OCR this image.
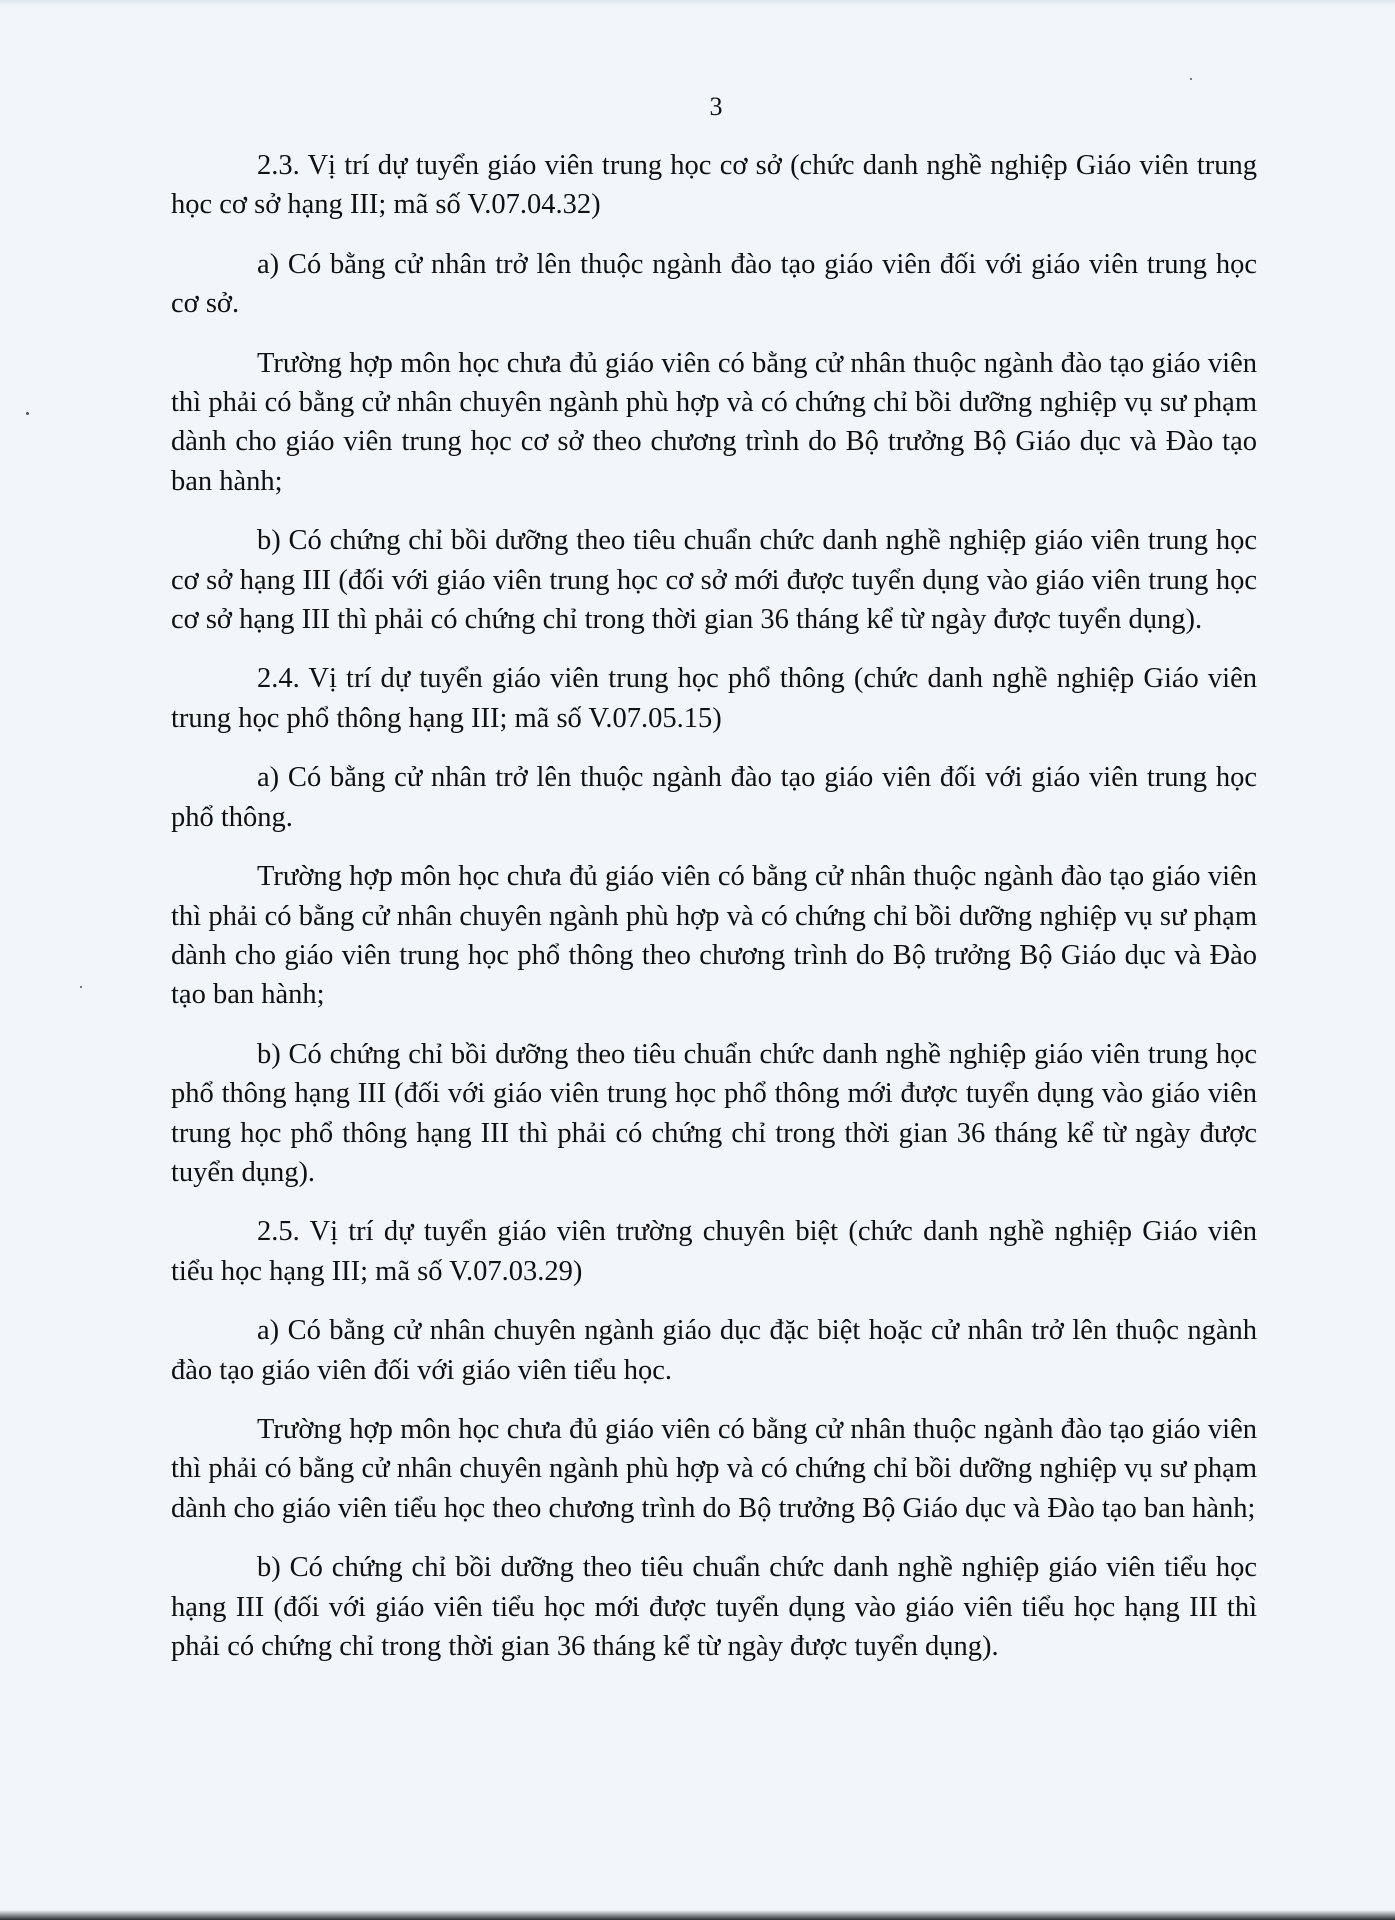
3

2.3. Vị trí dự tuyển giáo viên trung học cơ sở (chức danh nghề nghiệp Giáo viên trung học cơ sở hạng III; mã số V.07.04.32)

a) Có bằng cử nhân trở lên thuộc ngành đào tạo giáo viên đối với giáo viên trung học cơ sở.

Trường hợp môn học chưa đủ giáo viên có bằng cử nhân thuộc ngành đào tạo giáo viên thì phải có bằng cử nhân chuyên ngành phù hợp và có chứng chỉ bồi dưỡng nghiệp vụ sư phạm dành cho giáo viên trung học cơ sở theo chương trình do Bộ trưởng Bộ Giáo dục và Đào tạo ban hành;

b) Có chứng chỉ bồi dưỡng theo tiêu chuẩn chức danh nghề nghiệp giáo viên trung học cơ sở hạng III (đối với giáo viên trung học cơ sở mới được tuyển dụng vào giáo viên trung học cơ sở hạng III thì phải có chứng chỉ trong thời gian 36 tháng kể từ ngày được tuyển dụng).

2.4. Vị trí dự tuyển giáo viên trung học phổ thông (chức danh nghề nghiệp Giáo viên trung học phổ thông hạng III; mã số V.07.05.15)

a) Có bằng cử nhân trở lên thuộc ngành đào tạo giáo viên đối với giáo viên trung học phổ thông.

Trường hợp môn học chưa đủ giáo viên có bằng cử nhân thuộc ngành đào tạo giáo viên thì phải có bằng cử nhân chuyên ngành phù hợp và có chứng chỉ bồi dưỡng nghiệp vụ sư phạm dành cho giáo viên trung học phổ thông theo chương trình do Bộ trưởng Bộ Giáo dục và Đào tạo ban hành;

b) Có chứng chỉ bồi dưỡng theo tiêu chuẩn chức danh nghề nghiệp giáo viên trung học phổ thông hạng III (đối với giáo viên trung học phổ thông mới được tuyển dụng vào giáo viên trung học phổ thông hạng III thì phải có chứng chỉ trong thời gian 36 tháng kể từ ngày được tuyển dụng).

2.5. Vị trí dự tuyển giáo viên trường chuyên biệt (chức danh nghề nghiệp Giáo viên tiểu học hạng III; mã số V.07.03.29)

a) Có bằng cử nhân chuyên ngành giáo dục đặc biệt hoặc cử nhân trở lên thuộc ngành đào tạo giáo viên đối với giáo viên tiểu học.

Trường hợp môn học chưa đủ giáo viên có bằng cử nhân thuộc ngành đào tạo giáo viên thì phải có bằng cử nhân chuyên ngành phù hợp và có chứng chỉ bồi dưỡng nghiệp vụ sư phạm dành cho giáo viên tiểu học theo chương trình do Bộ trưởng Bộ Giáo dục và Đào tạo ban hành;

b) Có chứng chỉ bồi dưỡng theo tiêu chuẩn chức danh nghề nghiệp giáo viên tiểu học hạng III (đối với giáo viên tiểu học mới được tuyển dụng vào giáo viên tiểu học hạng III thì phải có chứng chỉ trong thời gian 36 tháng kể từ ngày được tuyển dụng).
